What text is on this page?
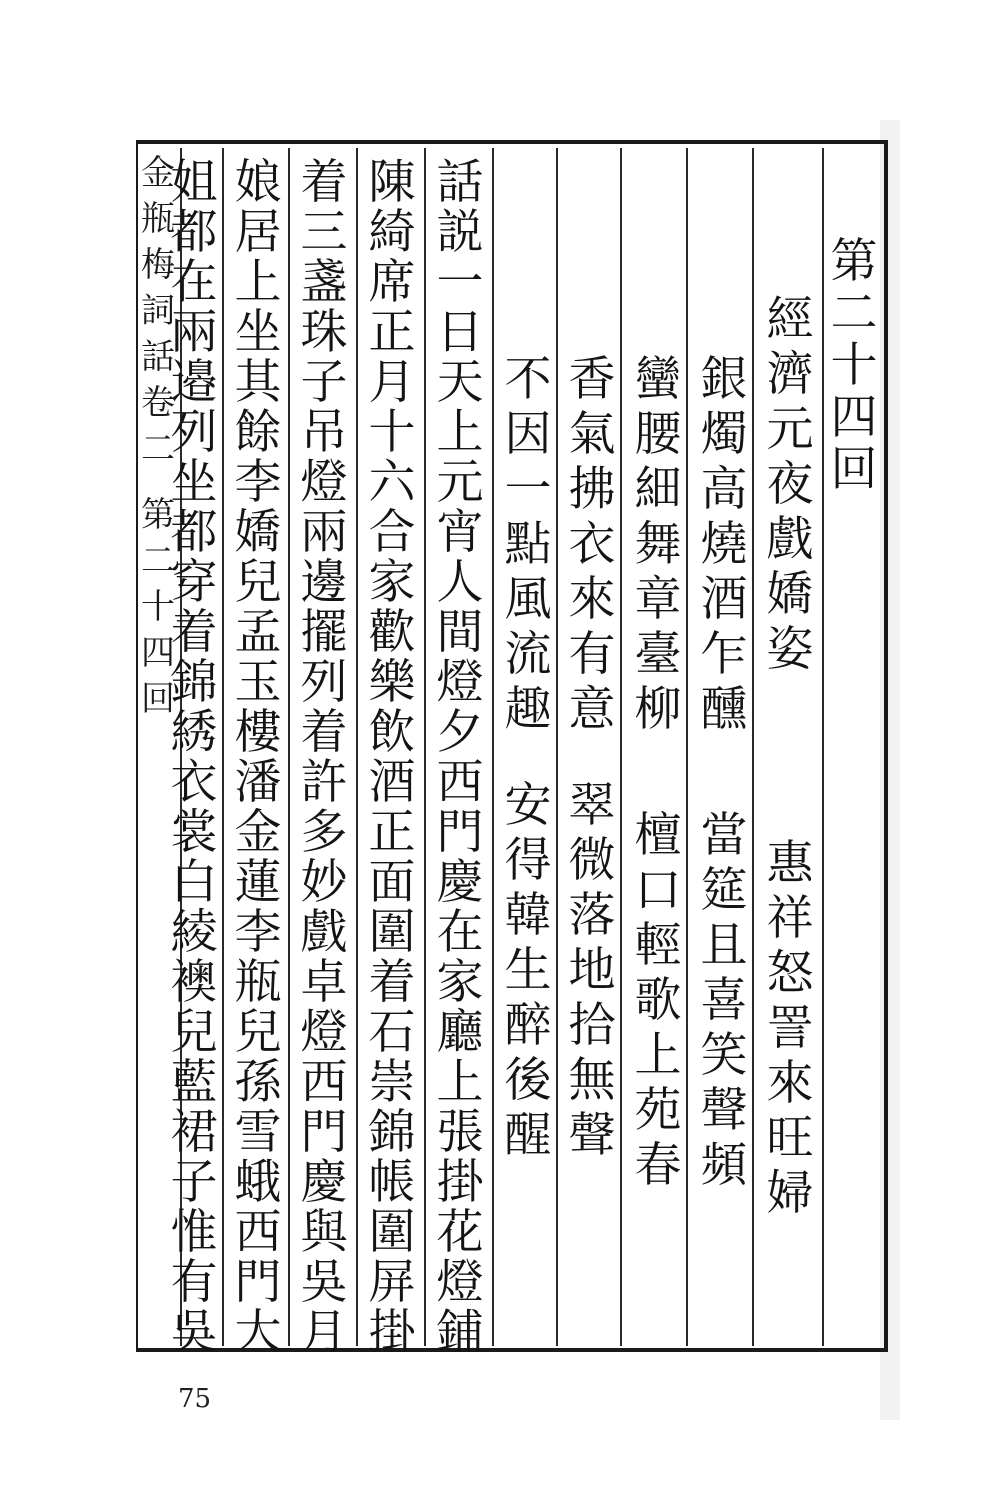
第
二
十
四
回
經
濟
元
夜
戲
嬌
姿
惠
祥
怒
詈
來
旺
婦
銀
燭
高
燒
酒
乍
醺
當
筵
且
喜
笑
聲
頻
蠻
腰
細
舞
章
臺
柳
檀
口
輕
歌
上
苑
春
香
氣
拂
衣
來
有
意
翠
微
落
地
拾
無
聲
不
因
一
點
風
流
趣
安
得
韓
生
醉
後
醒
話
説
一
日
天
上
元
宵
人
間
燈
夕
西
門
慶
在
家
廳
上
張
掛
花
燈
鋪
陳
綺
席
正
月
十
六
合
家
歡
樂
飲
酒
正
面
圍
着
石
崇
錦
帳
圍
屏
掛
着
三
盞
珠
子
吊
燈
兩
邊
擺
列
着
許
多
妙
戲
卓
燈
西
門
慶
與
吳
月
娘
居
上
坐
其
餘
李
嬌
兒
孟
玉
樓
潘
金
蓮
李
瓶
兒
孫
雪
蛾
西
門
大
姐
都
在
兩
邉
列
坐
都
穿
着
錦
綉
衣
裳
白
綾
襖
兒
藍
裙
子
惟
有
吳
金
瓶
梅
詞
話
卷
二
第
二
十
四
回
75
